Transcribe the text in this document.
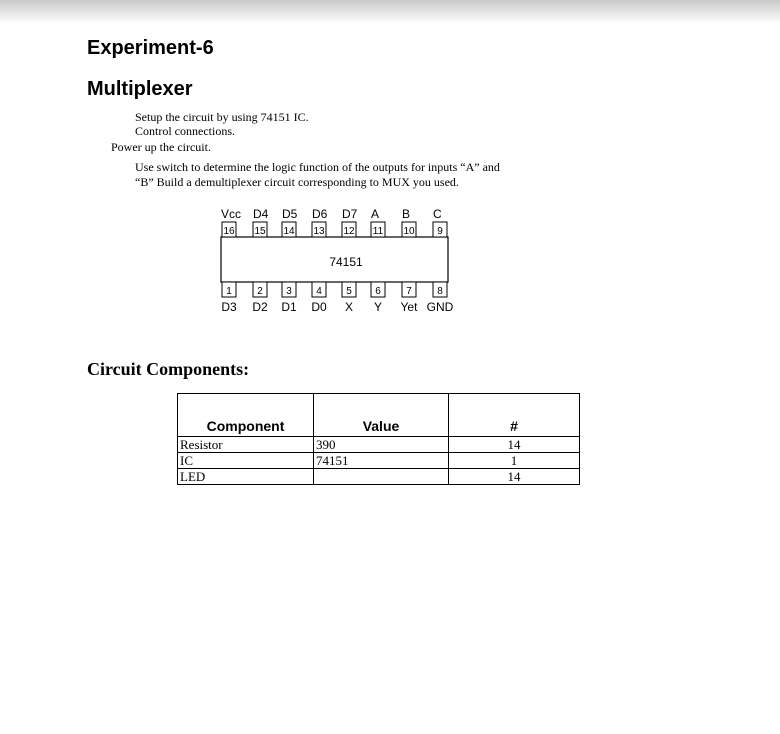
Experiment-6
Multiplexer
Setup the circuit by using 74151 IC.
Control connections.
Power up the circuit.
Use switch to determine the logic function of the outputs for inputs “A” and
“B” Build a demultiplexer circuit corresponding to MUX you used.
74151
16
Vcc
15
D4
14
D5
13
D6
12
D7
11
A
10
B
9
C
1
D3
2
D2
3
D1
4
D0
5
X
6
Y
7
Yet
8
GND
Circuit Components:
Component	Value	#
Resistor	390	14
IC	74151	1
LED		14
